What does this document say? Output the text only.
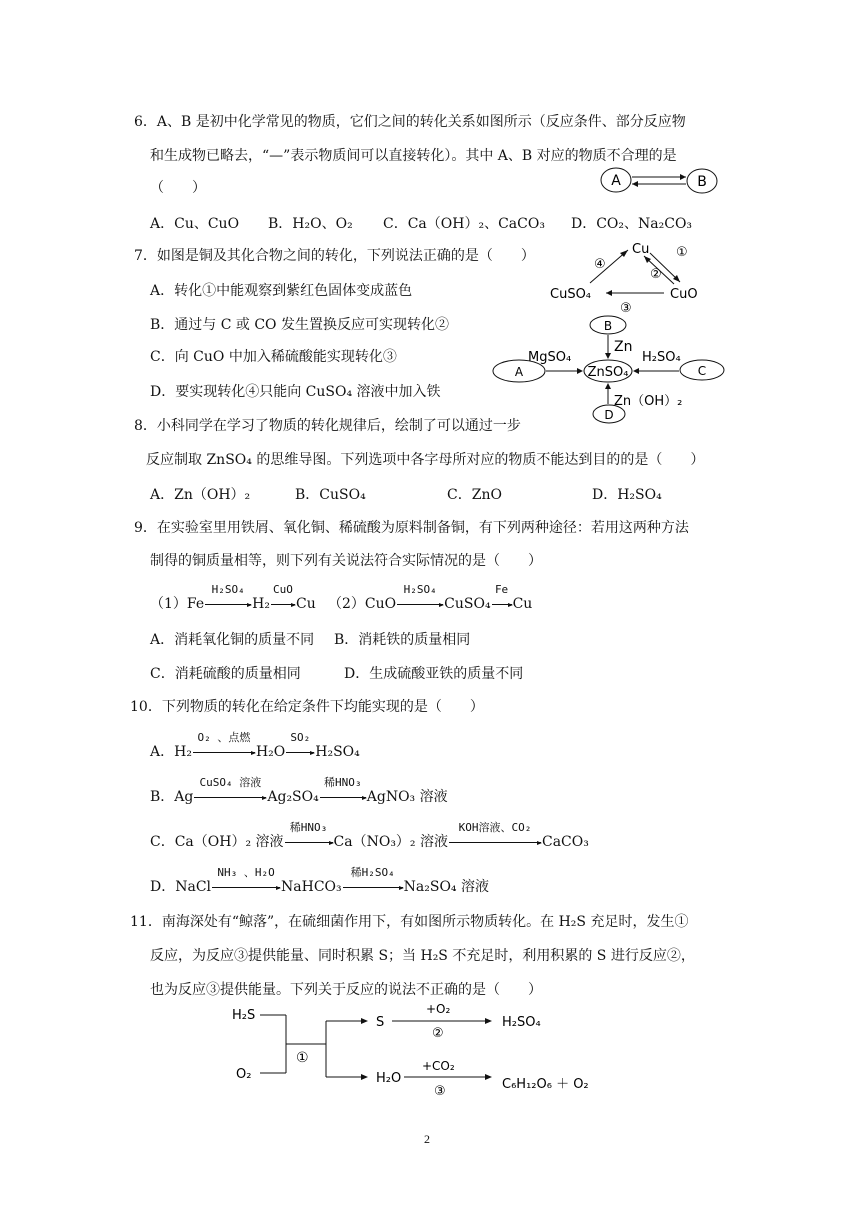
6．A、B 是初中化学常见的物质，它们之间的转化关系如图所示（反应条件、部分反应物
和生成物已略去，“—”表示物质间可以直接转化）。其中 A、B 对应的物质不合理的是
（　　）	A	B
A．Cu、CuO B．H₂O、O₂ C．Ca（OH）₂、CaCO₃ D．CO₂、Na₂CO₃
7．如图是铜及其化合物之间的转化，下列说法正确的是（　　）
A．转化①中能观察到紫红色固体变成蓝色
B．通过与 C 或 CO 发生置换反应可实现转化②
C．向 CuO 中加入稀硫酸能实现转化③
D．要实现转化④只能向 CuSO₄ 溶液中加入铁
Cu
CuO
CuSO₄
①
②
③
④
8．小科同学在学习了物质的转化规律后，绘制了可以通过一步
反应制取 ZnSO₄ 的思维导图。下列选项中各字母所对应的物质不能达到目的的是（　　）
A．Zn（OH）₂	B．CuSO₄	C．ZnO	D．H₂SO₄
B
A	C
D
ZnSO₄
Zn
MgSO₄	H₂SO₄
Zn（OH）₂
9．在实验室里用铁屑、氧化铜、稀硫酸为原料制备铜，有下列两种途径：若用这两种方法
制得的铜质量相等，则下列有关说法符合实际情况的是（　　）
（1）Fe
H₂SO₄
H₂
CuO
Cu （2）CuO
H₂SO₄
CuSO₄
Fe
Cu
A．消耗氧化铜的质量不同 B．消耗铁的质量相同
C．消耗硫酸的质量相同	D．生成硫酸亚铁的质量不同
10．下列物质的转化在给定条件下均能实现的是（　　）
A．H₂
O₂ 、点燃
H₂O
SO₂
H₂SO₄
B．Ag
CuSO₄ 溶液
Ag₂SO₄
稀HNO₃
AgNO₃ 溶液
C．Ca（OH）₂ 溶液
稀HNO₃
Ca（NO₃）₂ 溶液
KOH溶液、CO₂
CaCO₃
D．NaCl
NH₃ 、H₂O
NaHCO₃
稀H₂SO₄
Na₂SO₄ 溶液
11．南海深处有“鲸落”，在硫细菌作用下，有如图所示物质转化。在 H₂S 充足时，发生①
反应，为反应③提供能量、同时积累 S；当 H₂S 不充足时，利用积累的 S 进行反应②，
也为反应③提供能量。下列关于反应的说法不正确的是（　　）
H₂S
O₂
①
S
+O₂
②
H₂SO₄
H₂O
+CO₂
③	C₆H₁₂O₆ ＋ O₂
2
